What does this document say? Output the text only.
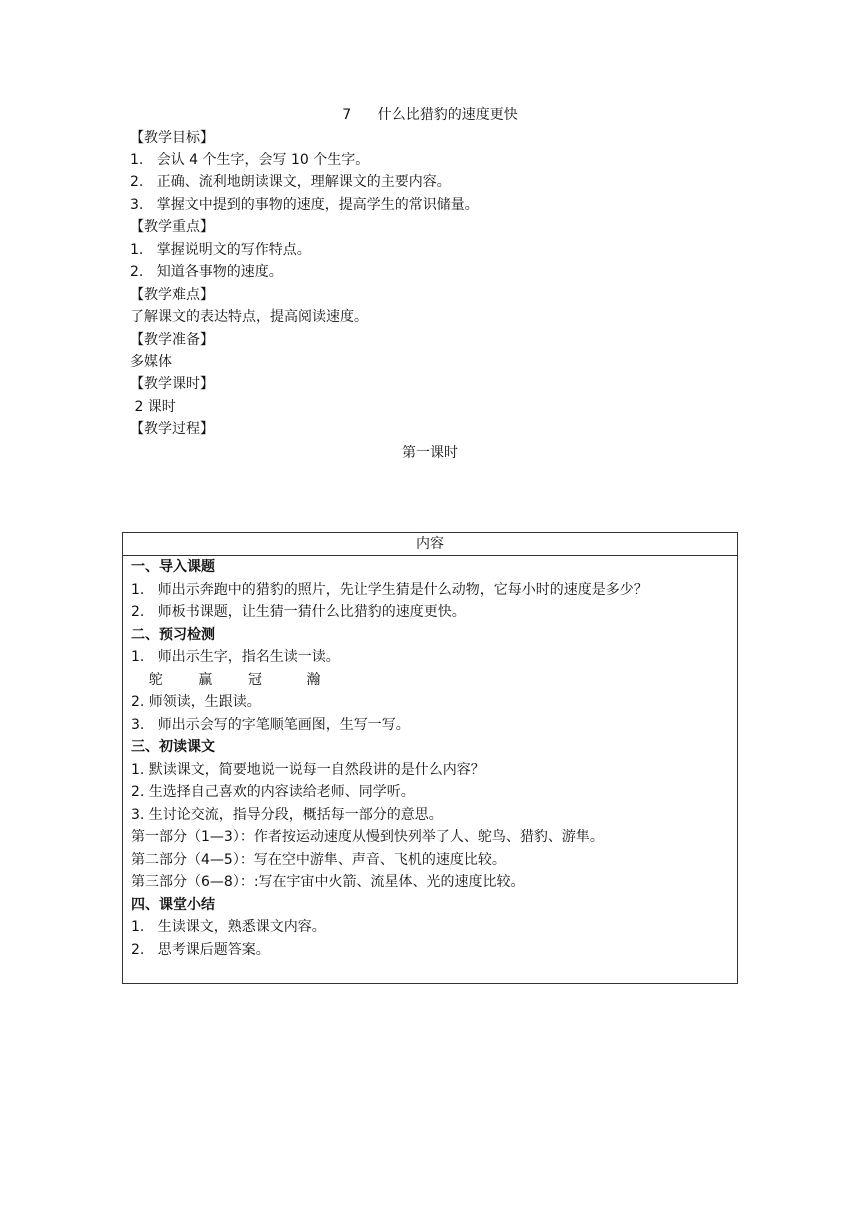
7      什么比猎豹的速度更快
【教学目标】
1.   会认 4 个生字，会写 10 个生字。
2.   正确、流利地朗读课文，理解课文的主要内容。
3.   掌握文中提到的事物的速度，提高学生的常识储量。
【教学重点】
1.   掌握说明文的写作特点。
2.   知道各事物的速度。
【教学难点】
了解课文的表达特点，提高阅读速度。
【教学准备】
多媒体
【教学课时】
2 课时
【教学过程】
第一课时
内容
一、导入课题
1.   师出示奔跑中的猎豹的照片，先让学生猜是什么动物，它每小时的速度是多少？
2.   师板书课题，让生猜一猜什么比猎豹的速度更快。
二、预习检测
1.   师出示生字，指名生读一读。
鸵        赢        冠          瀚
2. 师领读，生跟读。
3.   师出示会写的字笔顺笔画图，生写一写。
三、初读课文
1. 默读课文，简要地说一说每一自然段讲的是什么内容？
2. 生选择自己喜欢的内容读给老师、同学听。
3. 生讨论交流，指导分段，概括每一部分的意思。
第一部分（1—3）：作者按运动速度从慢到快列举了人、鸵鸟、猎豹、游隼。
第二部分（4—5）：写在空中游隼、声音、飞机的速度比较。
第三部分（6—8）：:写在宇宙中火箭、流星体、光的速度比较。
四、课堂小结
1.   生读课文，熟悉课文内容。
2.   思考课后题答案。
